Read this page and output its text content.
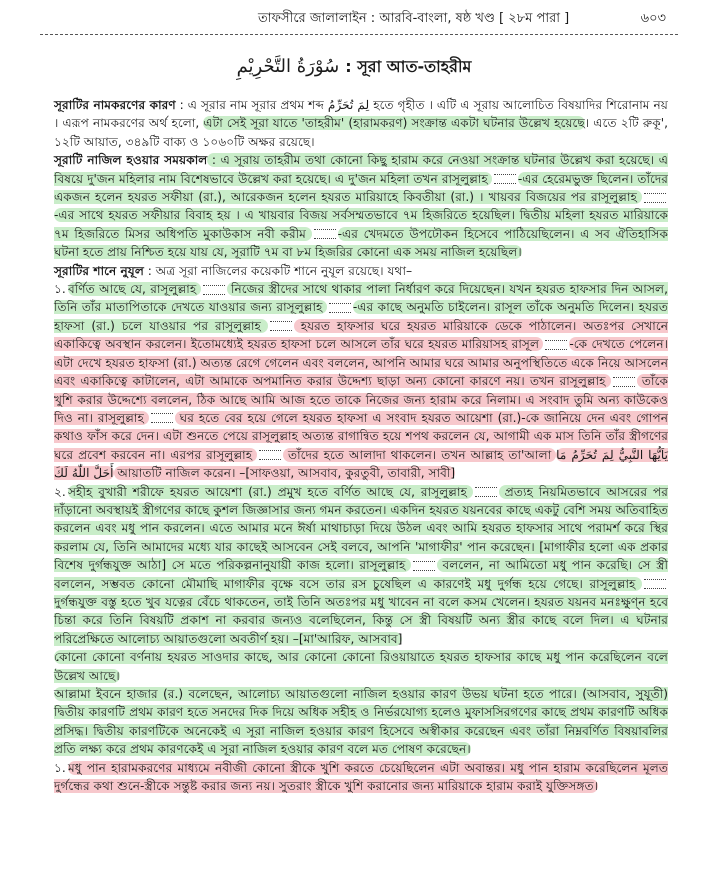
তাফসীরে জালালাইন : আরবি-বাংলা, ষষ্ঠ খণ্ড [ ২৮ম পারা ]	৬০৩
سُوْرَةُ التَّحْرِيْمِ : সূরা আত-তাহরীম

সূরাটির নামকরণের কারণ : এ সূরার নাম সূরার প্রথম শব্দ لِمَ تُحَرِّمُ হতে গৃহীত । এটি এ সূরায় আলোচিত বিষয়াদির শিরোনাম নয় । এরূপ নামকরণের অর্থ হলো, এটা সেই সূরা যাতে 'তাহরীম' (হারামকরণ) সংক্রান্ত একটা ঘটনার উল্লেখ হয়েছে। এতে ২টি রুকূ', ১২টি আয়াত, ৩৪৯টি বাক্য ও ১০৬০টি অক্ষর রয়েছে।

সূরাটি নাজিল হওয়ার সময়কাল : এ সূরায় তাহরীম তথা কোনো কিছু হারাম করে নেওয়া সংক্রান্ত ঘটনার উল্লেখ করা হয়েছে। এ বিষয়ে দু'জন মহিলার নাম বিশেষভাবে উল্লেখ করা হয়েছে। এ দু'জন মহিলা তখন রাসূলুল্লাহ -এর হেরেমভুক্ত ছিলেন। তাঁদের একজন হলেন হযরত সফীয়া (রা.), আরেকজন হলেন হযরত মারিয়াহে কিবতীয়া (রা.) । খায়বর বিজয়ের পর রাসূলুল্লাহ -এর সাথে হযরত সফীয়ার বিবাহ হয় । এ খায়বার বিজয় সর্বসম্মতভাবে ৭ম হিজরিতে হয়েছিল। দ্বিতীয় মহিলা হযরত মারিয়াকে ৭ম হিজরিতে মিসর অধিপতি মুকাউকাস নবী করীম -এর খেদমতে উপঢৌকন হিসেবে পাঠিয়েছিলেন। এ সব ঐতিহাসিক ঘটনা হতে প্রায় নিশ্চিত হয়ে যায় যে, সূরাটি ৭ম বা ৮ম হিজরির কোনো এক সময় নাজিল হয়েছিল।

সূরাটির শানে নুযূল : অত্র সূরা নাজিলের কয়েকটি শানে নুযূল রয়েছে। যথা–

১. বর্ণিত আছে যে, রাসূলুল্লাহ  নিজের স্ত্রীদের সাথে থাকার পালা নির্ধারণ করে দিয়েছেন। যখন হযরত হাফসার দিন আসল, তিনি তাঁর মাতাপিতাকে দেখতে যাওয়ার জন্য রাসূলুল্লাহ -এর কাছে অনুমতি চাইলেন। রাসূল তাঁকে অনুমতি দিলেন। হযরত হাফসা (রা.) চলে যাওয়ার পর রাসূলুল্লাহ  হযরত হাফসার ঘরে হযরত মারিয়াকে ডেকে পাঠালেন। অতঃপর সেখানে একাকিত্বে অবস্থান করলেন। ইতোমধ্যেই হযরত হাফসা চলে আসলে তাঁর ঘরে হযরত মারিয়াসহ রাসূল -কে দেখতে পেলেন। এটা দেখে হযরত হাফসা (রা.) অত্যন্ত রেগে গেলেন এবং বললেন, আপনি আমার ঘরে আমার অনুপস্থিতিতে একে নিয়ে আসলেন এবং একাকিত্বে কাটালেন, এটা আমাকে অপমানিত করার উদ্দেশ্য ছাড়া অন্য কোনো কারণে নয়। তখন রাসূলুল্লাহ  তাঁকে খুশি করার উদ্দেশ্যে বললেন, ঠিক আছে আমি আজ হতে তাকে নিজের জন্য হারাম করে নিলাম। এ সংবাদ তুমি অন্য কাউকেও দিও না। রাসূলুল্লাহ  ঘর হতে বের হয়ে গেলে হযরত হাফসা এ সংবাদ হযরত আয়েশা (রা.)-কে জানিয়ে দেন এবং গোপন কথাও ফাঁস করে দেন। এটা শুনতে পেয়ে রাসূলুল্লাহ অত্যন্ত রাগান্বিত হয়ে শপথ করলেন যে, আগামী এক মাস তিনি তাঁর স্ত্রীগণের ঘরে প্রবেশ করবেন না। এরপর রাসূলুল্লাহ  তাঁদের হতে আলাদা থাকলেন। তখন আল্লাহ তা'আলা يَاَيُّهَا النَّبِيُّ لِمَ تُحَرِّمُ مَا أَحَلَّ اللّٰهُ لَكَ আয়াতটি নাজিল করেন। –[সাফওয়া, আসবাব, কুরতুবী, তাবারী, সাবী]

২. সহীহ বুখারী শরীফে হযরত আয়েশা (রা.) প্রমুখ হতে বর্ণিত আছে যে, রাসূলুল্লাহ  প্রত্যহ নিয়মিতভাবে আসরের পর দাঁড়ানো অবস্থায়ই স্ত্রীগণের কাছে কুশল জিজ্ঞাসার জন্য গমন করতেন। একদিন হযরত যয়নবের কাছে একটু বেশি সময় অতিবাহিত করলেন এবং মধু পান করলেন। এতে আমার মনে ঈর্ষা মাথাচাড়া দিয়ে উঠল এবং আমি হযরত হাফসার সাথে পরামর্শ করে স্থির করলাম যে, তিনি আমাদের মধ্যে যার কাছেই আসবেন সেই বলবে, আপনি 'মাগাফীর' পান করেছেন। [মাগাফীর হলো এক প্রকার বিশেষ দুর্গন্ধযুক্ত আঠা] সে মতে পরিকল্পনানুযায়ী কাজ হলো। রাসূলুল্লাহ  বললেন, না আমিতো মধু পান করেছি। সে স্ত্রী বললেন, সম্ভবত কোনো মৌমাছি মাগাফীর বৃক্ষে বসে তার রস চুষেছিল এ কারণেই মধু দুর্গন্ধ হয়ে গেছে। রাসূলুল্লাহ  দুর্গন্ধযুক্ত বস্তু হতে খুব যত্নের বেঁচে থাকতেন, তাই তিনি অতঃপর মধু খাবেন না বলে কসম খেলেন। হযরত যয়নব মনঃক্ষুণ্ন হবে চিন্তা করে তিনি বিষয়টি প্রকাশ না করবার জন্যও বলেছিলেন, কিন্তু সে স্ত্রী বিষয়টি অন্য স্ত্রীর কাছে বলে দিল। এ ঘটনার পরিপ্রেক্ষিতে আলোচ্য আয়াতগুলো অবতীর্ণ হয়। –[মা'আরিফ, আসবাব]

কোনো কোনো বর্ণনায় হযরত সাওদার কাছে, আর কোনো কোনো রিওয়ায়াতে হযরত হাফসার কাছে মধু পান করেছিলেন বলে উল্লেখ আছে।

আল্লামা ইবনে হাজার (র.) বলেছেন, আলোচ্য আয়াতগুলো নাজিল হওয়ার কারণ উভয় ঘটনা হতে পারে। (আসবাব, সুযূতী) দ্বিতীয় কারণটি প্রথম কারণ হতে সনদের দিক দিয়ে অধিক সহীহ ও নির্ভরযোগ্য হলেও মুফাসসিরগণের কাছে প্রথম কারণটি অধিক প্রসিদ্ধ। দ্বিতীয় কারণটিকে অনেকেই এ সূরা নাজিল হওয়ার কারণ হিসেবে অস্বীকার করেছেন এবং তাঁরা নিম্নবর্ণিত বিষয়াবলির প্রতি লক্ষ্য করে প্রথম কারণকেই এ সূরা নাজিল হওয়ার কারণ বলে মত পোষণ করেছেন।

১. মধু পান হারামকরণের মাধ্যমে নবীজী কোনো স্ত্রীকে খুশি করতে চেয়েছিলেন এটা অবান্তর। মধু পান হারাম করেছিলেন মূলত দুর্গন্ধের কথা শুনে-স্ত্রীকে সন্তুষ্ট করার জন্য নয়। সুতরাং স্ত্রীকে খুশি করানোর জন্য মারিয়াকে হারাম করাই যুক্তিসঙ্গত।
